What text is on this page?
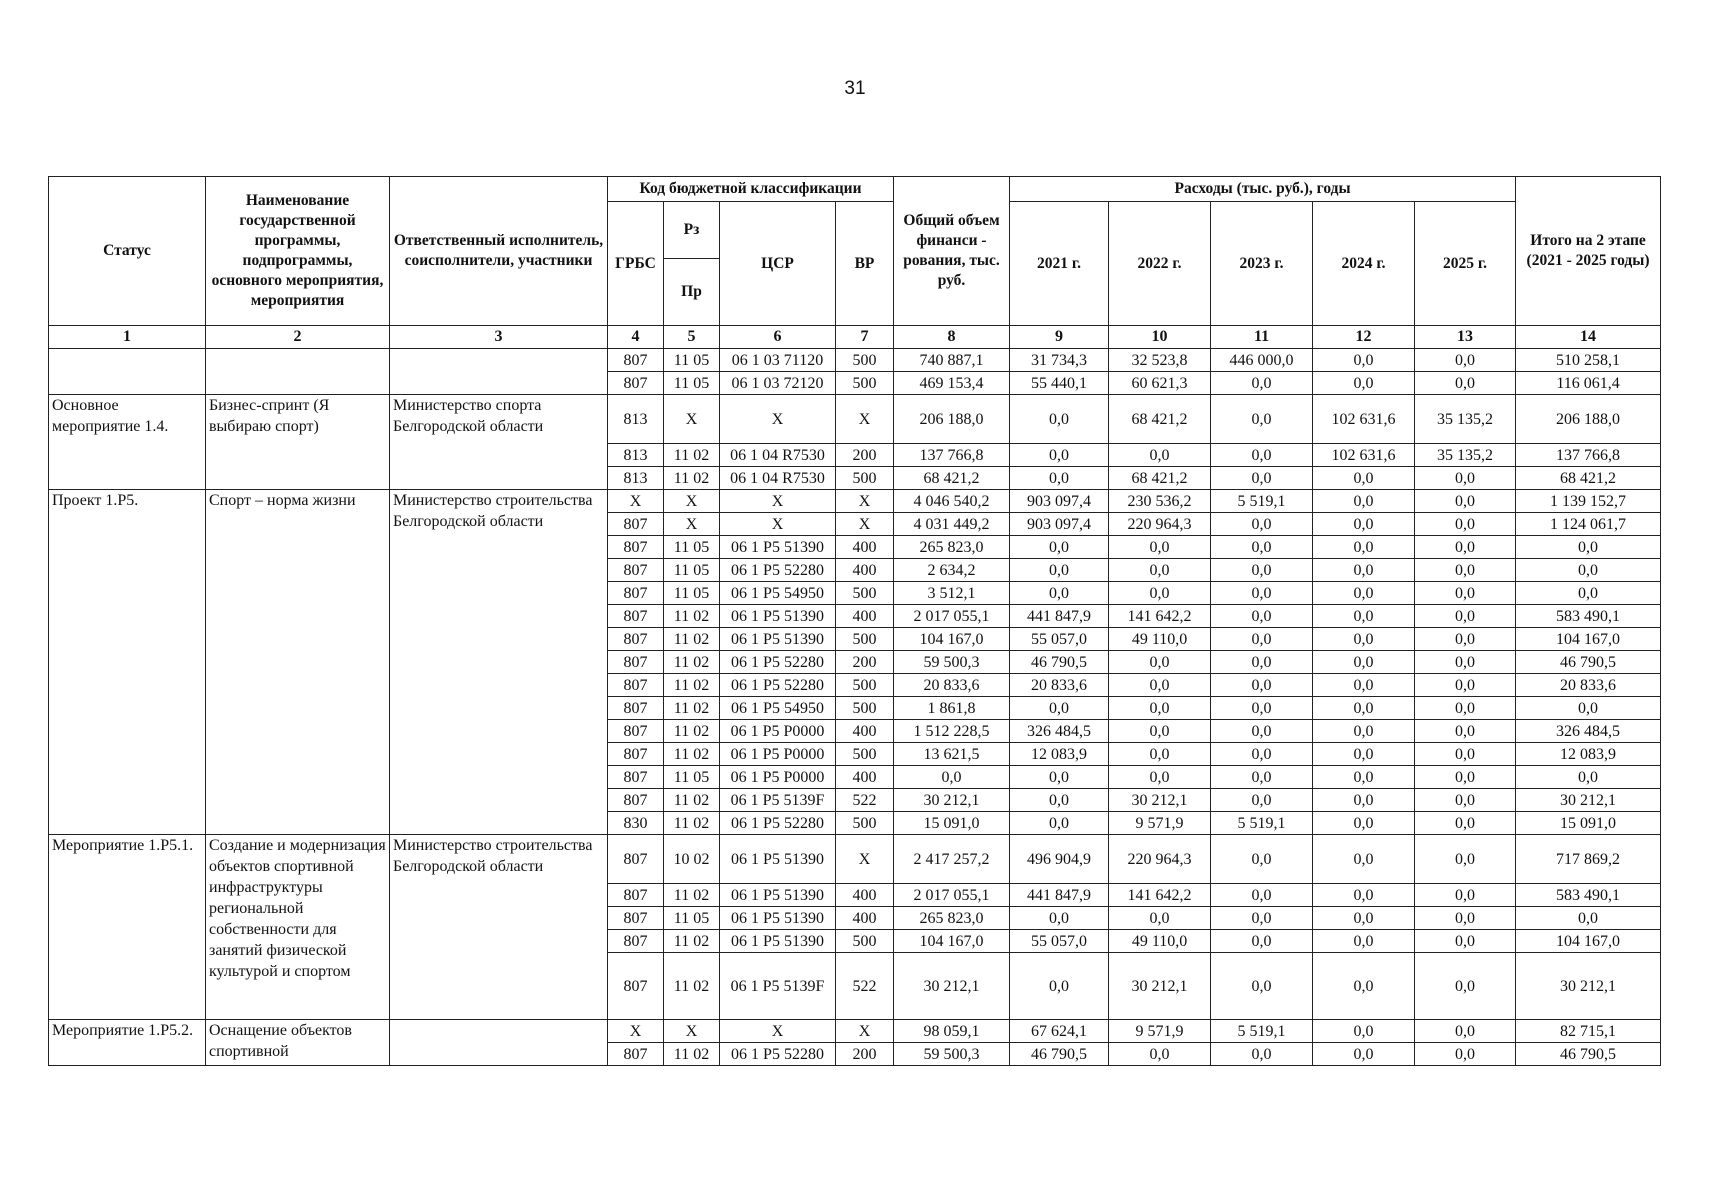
31
Статус	Наименование государственной программы, подпрограммы, основного мероприятия, мероприятия	Ответственный исполнитель, соисполнители, участники	Код бюджетной классификации				Общий объем финанси - рования, тыс. руб.	Расходы (тыс. руб.), годы					Итого на 2 этапе (2021 - 2025 годы)
			ГРБС	Рз	ЦСР	ВР		2021 г.	2022 г.	2023 г.	2024 г.	2025 г.	
				Пр									
1	2	3	4	5	6	7	8	9	10	11	12	13	14
			807	11 05	06 1 03 71120	500	740 887,1	31 734,3	32 523,8	446 000,0	0,0	0,0	510 258,1
			807	11 05	06 1 03 72120	500	469 153,4	55 440,1	60 621,3	0,0	0,0	0,0	116 061,4
Основное мероприятие 1.4.	Бизнес-спринт (Я выбираю спорт)	Министерство спорта Белгородской области	813	Х	Х	Х	206 188,0	0,0	68 421,2	0,0	102 631,6	35 135,2	206 188,0
			813	11 02	06 1 04 R7530	200	137 766,8	0,0	0,0	0,0	102 631,6	35 135,2	137 766,8
			813	11 02	06 1 04 R7530	500	68 421,2	0,0	68 421,2	0,0	0,0	0,0	68 421,2
Проект 1.Р5.	Спорт – норма жизни	Министерство строительства Белгородской области	Х	Х	Х	Х	4 046 540,2	903 097,4	230 536,2	5 519,1	0,0	0,0	1 139 152,7
			807	Х	Х	Х	4 031 449,2	903 097,4	220 964,3	0,0	0,0	0,0	1 124 061,7
			807	11 05	06 1 Р5 51390	400	265 823,0	0,0	0,0	0,0	0,0	0,0	0,0
			807	11 05	06 1 Р5 52280	400	2 634,2	0,0	0,0	0,0	0,0	0,0	0,0
			807	11 05	06 1 Р5 54950	500	3 512,1	0,0	0,0	0,0	0,0	0,0	0,0
			807	11 02	06 1 Р5 51390	400	2 017 055,1	441 847,9	141 642,2	0,0	0,0	0,0	583 490,1
			807	11 02	06 1 Р5 51390	500	104 167,0	55 057,0	49 110,0	0,0	0,0	0,0	104 167,0
			807	11 02	06 1 Р5 52280	200	59 500,3	46 790,5	0,0	0,0	0,0	0,0	46 790,5
			807	11 02	06 1 Р5 52280	500	20 833,6	20 833,6	0,0	0,0	0,0	0,0	20 833,6
			807	11 02	06 1 Р5 54950	500	1 861,8	0,0	0,0	0,0	0,0	0,0	0,0
			807	11 02	06 1 Р5 Р0000	400	1 512 228,5	326 484,5	0,0	0,0	0,0	0,0	326 484,5
			807	11 02	06 1 Р5 Р0000	500	13 621,5	12 083,9	0,0	0,0	0,0	0,0	12 083,9
			807	11 05	06 1 Р5 Р0000	400	0,0	0,0	0,0	0,0	0,0	0,0	0,0
			807	11 02	06 1 Р5 5139F	522	30 212,1	0,0	30 212,1	0,0	0,0	0,0	30 212,1
			830	11 02	06 1 Р5 52280	500	15 091,0	0,0	9 571,9	5 519,1	0,0	0,0	15 091,0
Мероприятие 1.Р5.1.	Создание и модернизация объектов спортивной инфраструктуры региональной собственности для занятий физической культурой и спортом	Министерство строительства Белгородской области	807	10 02	06 1 Р5 51390	Х	2 417 257,2	496 904,9	220 964,3	0,0	0,0	0,0	717 869,2
			807	11 02	06 1 Р5 51390	400	2 017 055,1	441 847,9	141 642,2	0,0	0,0	0,0	583 490,1
			807	11 05	06 1 Р5 51390	400	265 823,0	0,0	0,0	0,0	0,0	0,0	0,0
			807	11 02	06 1 Р5 51390	500	104 167,0	55 057,0	49 110,0	0,0	0,0	0,0	104 167,0
			807	11 02	06 1 Р5 5139F	522	30 212,1	0,0	30 212,1	0,0	0,0	0,0	30 212,1
Мероприятие 1.Р5.2.	Оснащение объектов спортивной		Х	Х	Х	Х	98 059,1	67 624,1	9 571,9	5 519,1	0,0	0,0	82 715,1
			807	11 02	06 1 Р5 52280	200	59 500,3	46 790,5	0,0	0,0	0,0	0,0	46 790,5
